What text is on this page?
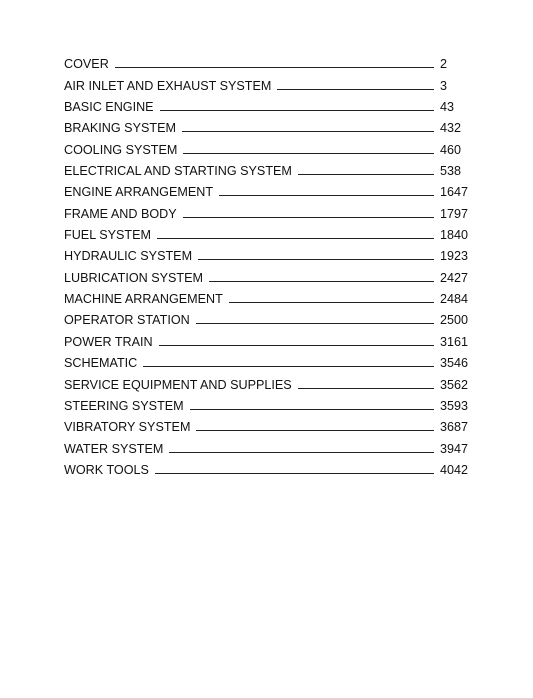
COVER	2
AIR INLET AND EXHAUST SYSTEM	3
BASIC ENGINE	43
BRAKING SYSTEM	432
COOLING SYSTEM	460
ELECTRICAL AND STARTING SYSTEM	538
ENGINE ARRANGEMENT	1647
FRAME AND BODY	1797
FUEL SYSTEM	1840
HYDRAULIC SYSTEM	1923
LUBRICATION SYSTEM	2427
MACHINE ARRANGEMENT	2484
OPERATOR STATION	2500
POWER TRAIN	3161
SCHEMATIC	3546
SERVICE EQUIPMENT AND SUPPLIES	3562
STEERING SYSTEM	3593
VIBRATORY SYSTEM	3687
WATER SYSTEM	3947
WORK TOOLS	4042
